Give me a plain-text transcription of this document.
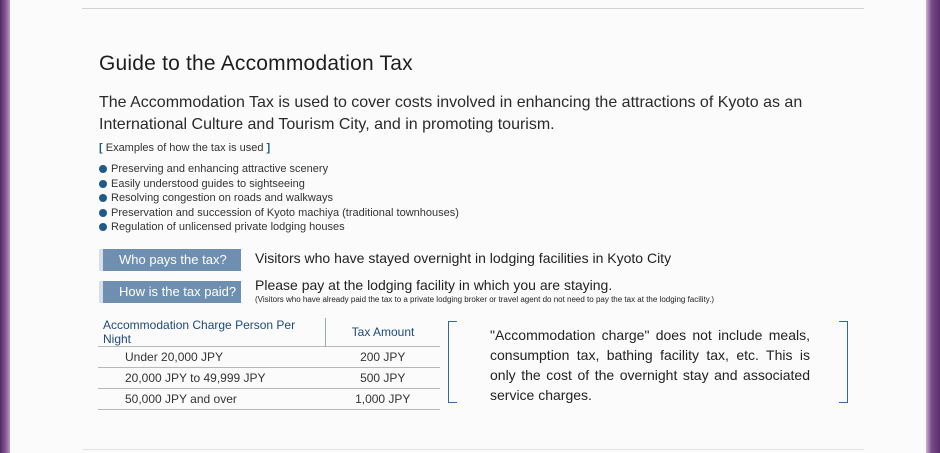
Guide to the Accommodation Tax
The Accommodation Tax is used to cover costs involved in enhancing the attractions of Kyoto as an International Culture and Tourism City, and in promoting tourism.
[ Examples of how the tax is used ]
Preserving and enhancing attractive scenery
Easily understood guides to sightseeing
Resolving congestion on roads and walkways
Preservation and succession of Kyoto machiya (traditional townhouses)
Regulation of unlicensed private lodging houses
Who pays the tax?	Visitors who have stayed overnight in lodging facilities in Kyoto City
How is the tax paid?	Please pay at the lodging facility in which you are staying.
(Visitors who have already paid the tax to a private lodging broker or travel agent do not need to pay the tax at the lodging facility.)
Accommodation Charge Person Per Night	Tax Amount
Under 20,000 JPY	200 JPY
20,000 JPY to 49,999 JPY	500 JPY
50,000 JPY and over	1,000 JPY
"Accommodation charge" does not include meals, consumption tax, bathing facility tax, etc. This is only the cost of the overnight stay and associated service charges.
